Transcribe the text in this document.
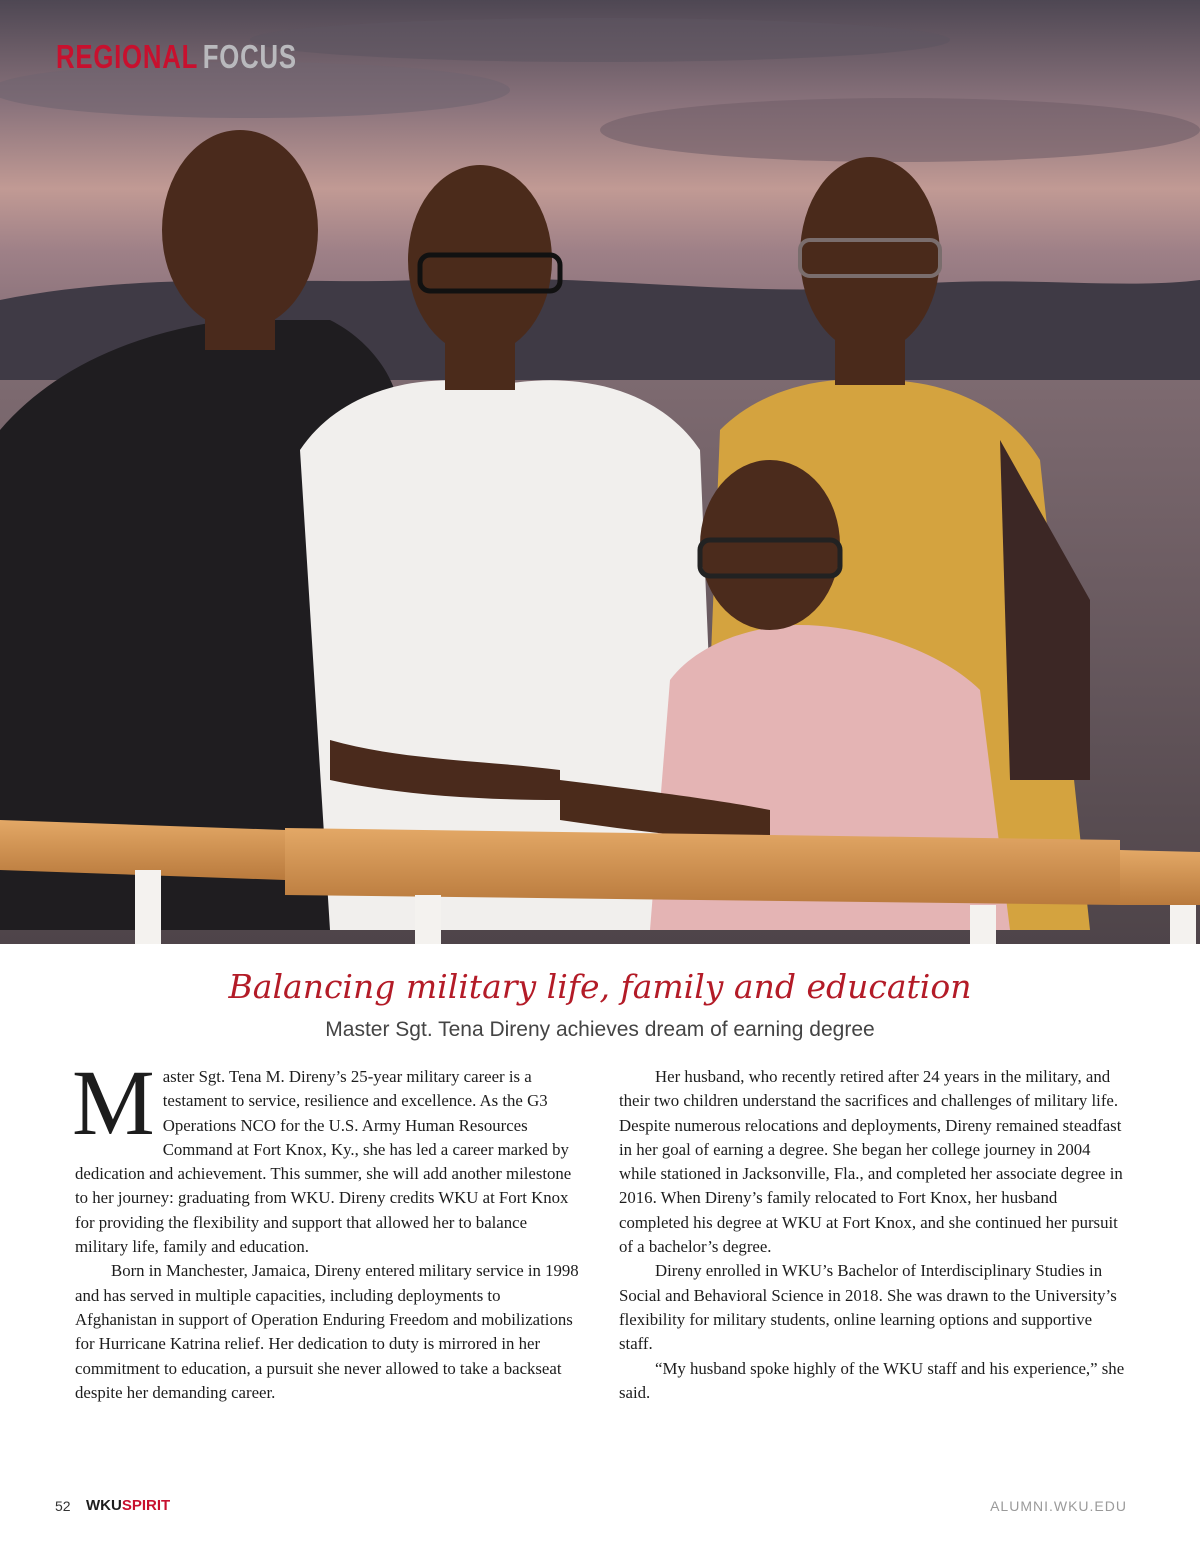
REGIONAL FOCUS
Balancing military life, family and education
Master Sgt. Tena Direny achieves dream of earning degree

Master Sgt. Tena M. Direny’s 25-year military career is a testament to service, resilience and excellence. As the G3 Operations NCO for the U.S. Army Human Resources Command at Fort Knox, Ky., she has led a career marked by dedication and achievement. This summer, she will add another milestone to her journey: graduating from WKU. Direny credits WKU at Fort Knox for providing the flexibility and support that allowed her to balance military life, family and education.

Born in Manchester, Jamaica, Direny entered military service in 1998 and has served in multiple capacities, including deployments to Afghanistan in support of Operation Enduring Freedom and mobilizations for Hurricane Katrina relief. Her dedication to duty is mirrored in her commitment to education, a pursuit she never allowed to take a backseat despite her demanding career.

Her husband, who recently retired after 24 years in the military, and their two children understand the sacrifices and challenges of military life. Despite numerous relocations and deployments, Direny remained steadfast in her goal of earning a degree. She began her college journey in 2004 while stationed in Jacksonville, Fla., and completed her associate degree in 2016. When Direny’s family relocated to Fort Knox, her husband completed his degree at WKU at Fort Knox, and she continued her pursuit of a bachelor’s degree.

Direny enrolled in WKU’s Bachelor of Interdisciplinary Studies in Social and Behavioral Science in 2018. She was drawn to the University’s flexibility for military students, online learning options and supportive staff.

“My husband spoke highly of the WKU staff and his experience,” she said.

52 WKUSPIRIT	ALUMNI.WKU.EDU
